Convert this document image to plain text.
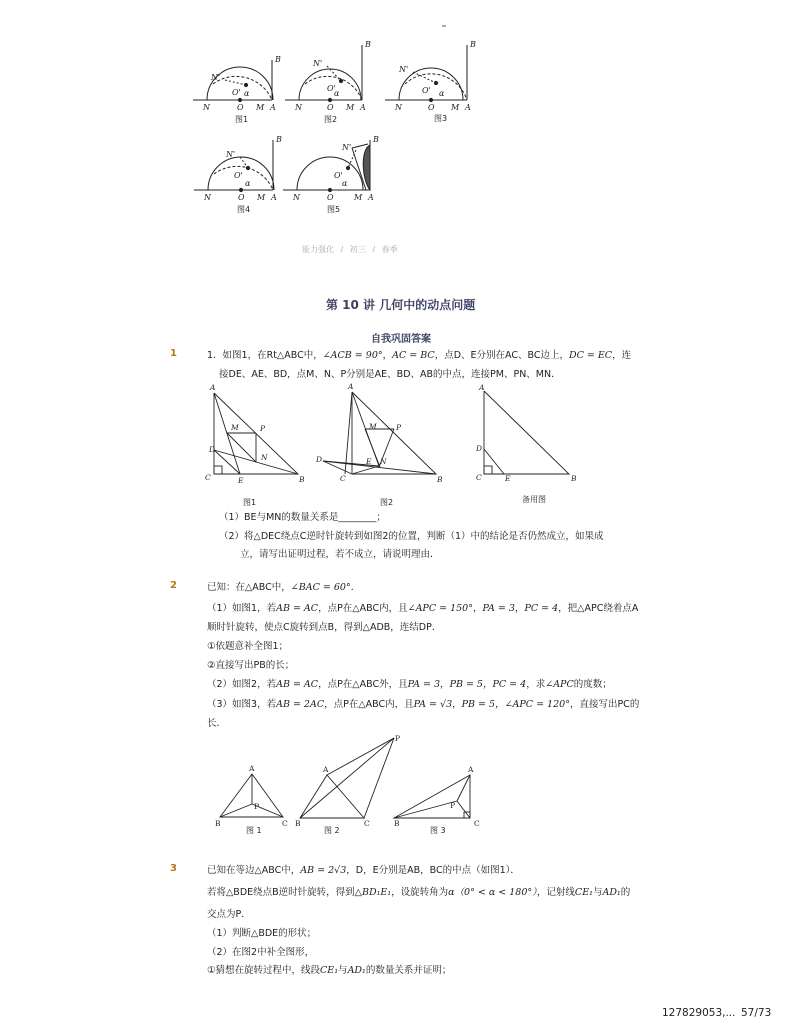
N	O M A
B
N'
O' α
N	O M A
B
N'
O'
α
N	O M A
B
N'
O' α
N	O M A
B
N'
O'
α
N	O	M A
B
N'
O'
α
图1	图2	图3
图4	图5
能力强化 / 初三 / 春季
第 10 讲 几何中的动点问题
自我巩固答案
1	1．如图1，在Rt△ABC中，∠ACB = 90°，AC = BC，点D、E分别在AC、BC边上，DC = EC，连
接DE、AE、BD，点M、N、P分别是AE、BD、AB的中点，连接PM、PN、MN．
A
D
C	E	B
M	P
N
A
D
C	B
M	P
E N
A
D
C	E	B
图1	图2	备用图
（1）BE与MN的数量关系是________；
（2）将△DEC绕点C逆时针旋转到如图2的位置，判断（1）中的结论是否仍然成立，如果成
立，请写出证明过程，若不成立，请说明理由．
2	已知：在△ABC中，∠BAC = 60°．
（1）如图1，若AB = AC，点P在△ABC内，且∠APC = 150°，PA = 3，PC = 4，把△APC绕着点A
顺时针旋转，使点C旋转到点B，得到△ADB，连结DP．
①依题意补全图1；
②直接写出PB的长；
（2）如图2，若AB = AC，点P在△ABC外，且PA = 3，PB = 5，PC = 4，求∠APC的度数；
（3）如图3，若AB = 2AC，点P在△ABC内，且PA = √3，PB = 5，∠APC = 120°，直接写出PC的
长．
A
P
B	C
A
P
B	C
A
P
B	C
图 1	图 2	图 3
3	已知在等边△ABC中，AB = 2√3，D，E分别是AB，BC的中点（如图1）．
若将△BDE绕点B逆时针旋转，得到△BD₁E₁，设旋转角为α（0° < α < 180°），记射线CE₁与AD₁的
交点为P．
（1）判断△BDE的形状；
（2）在图2中补全图形，
①猜想在旋转过程中，线段CE₁与AD₁的数量关系并证明；
127829053,... 57/73
